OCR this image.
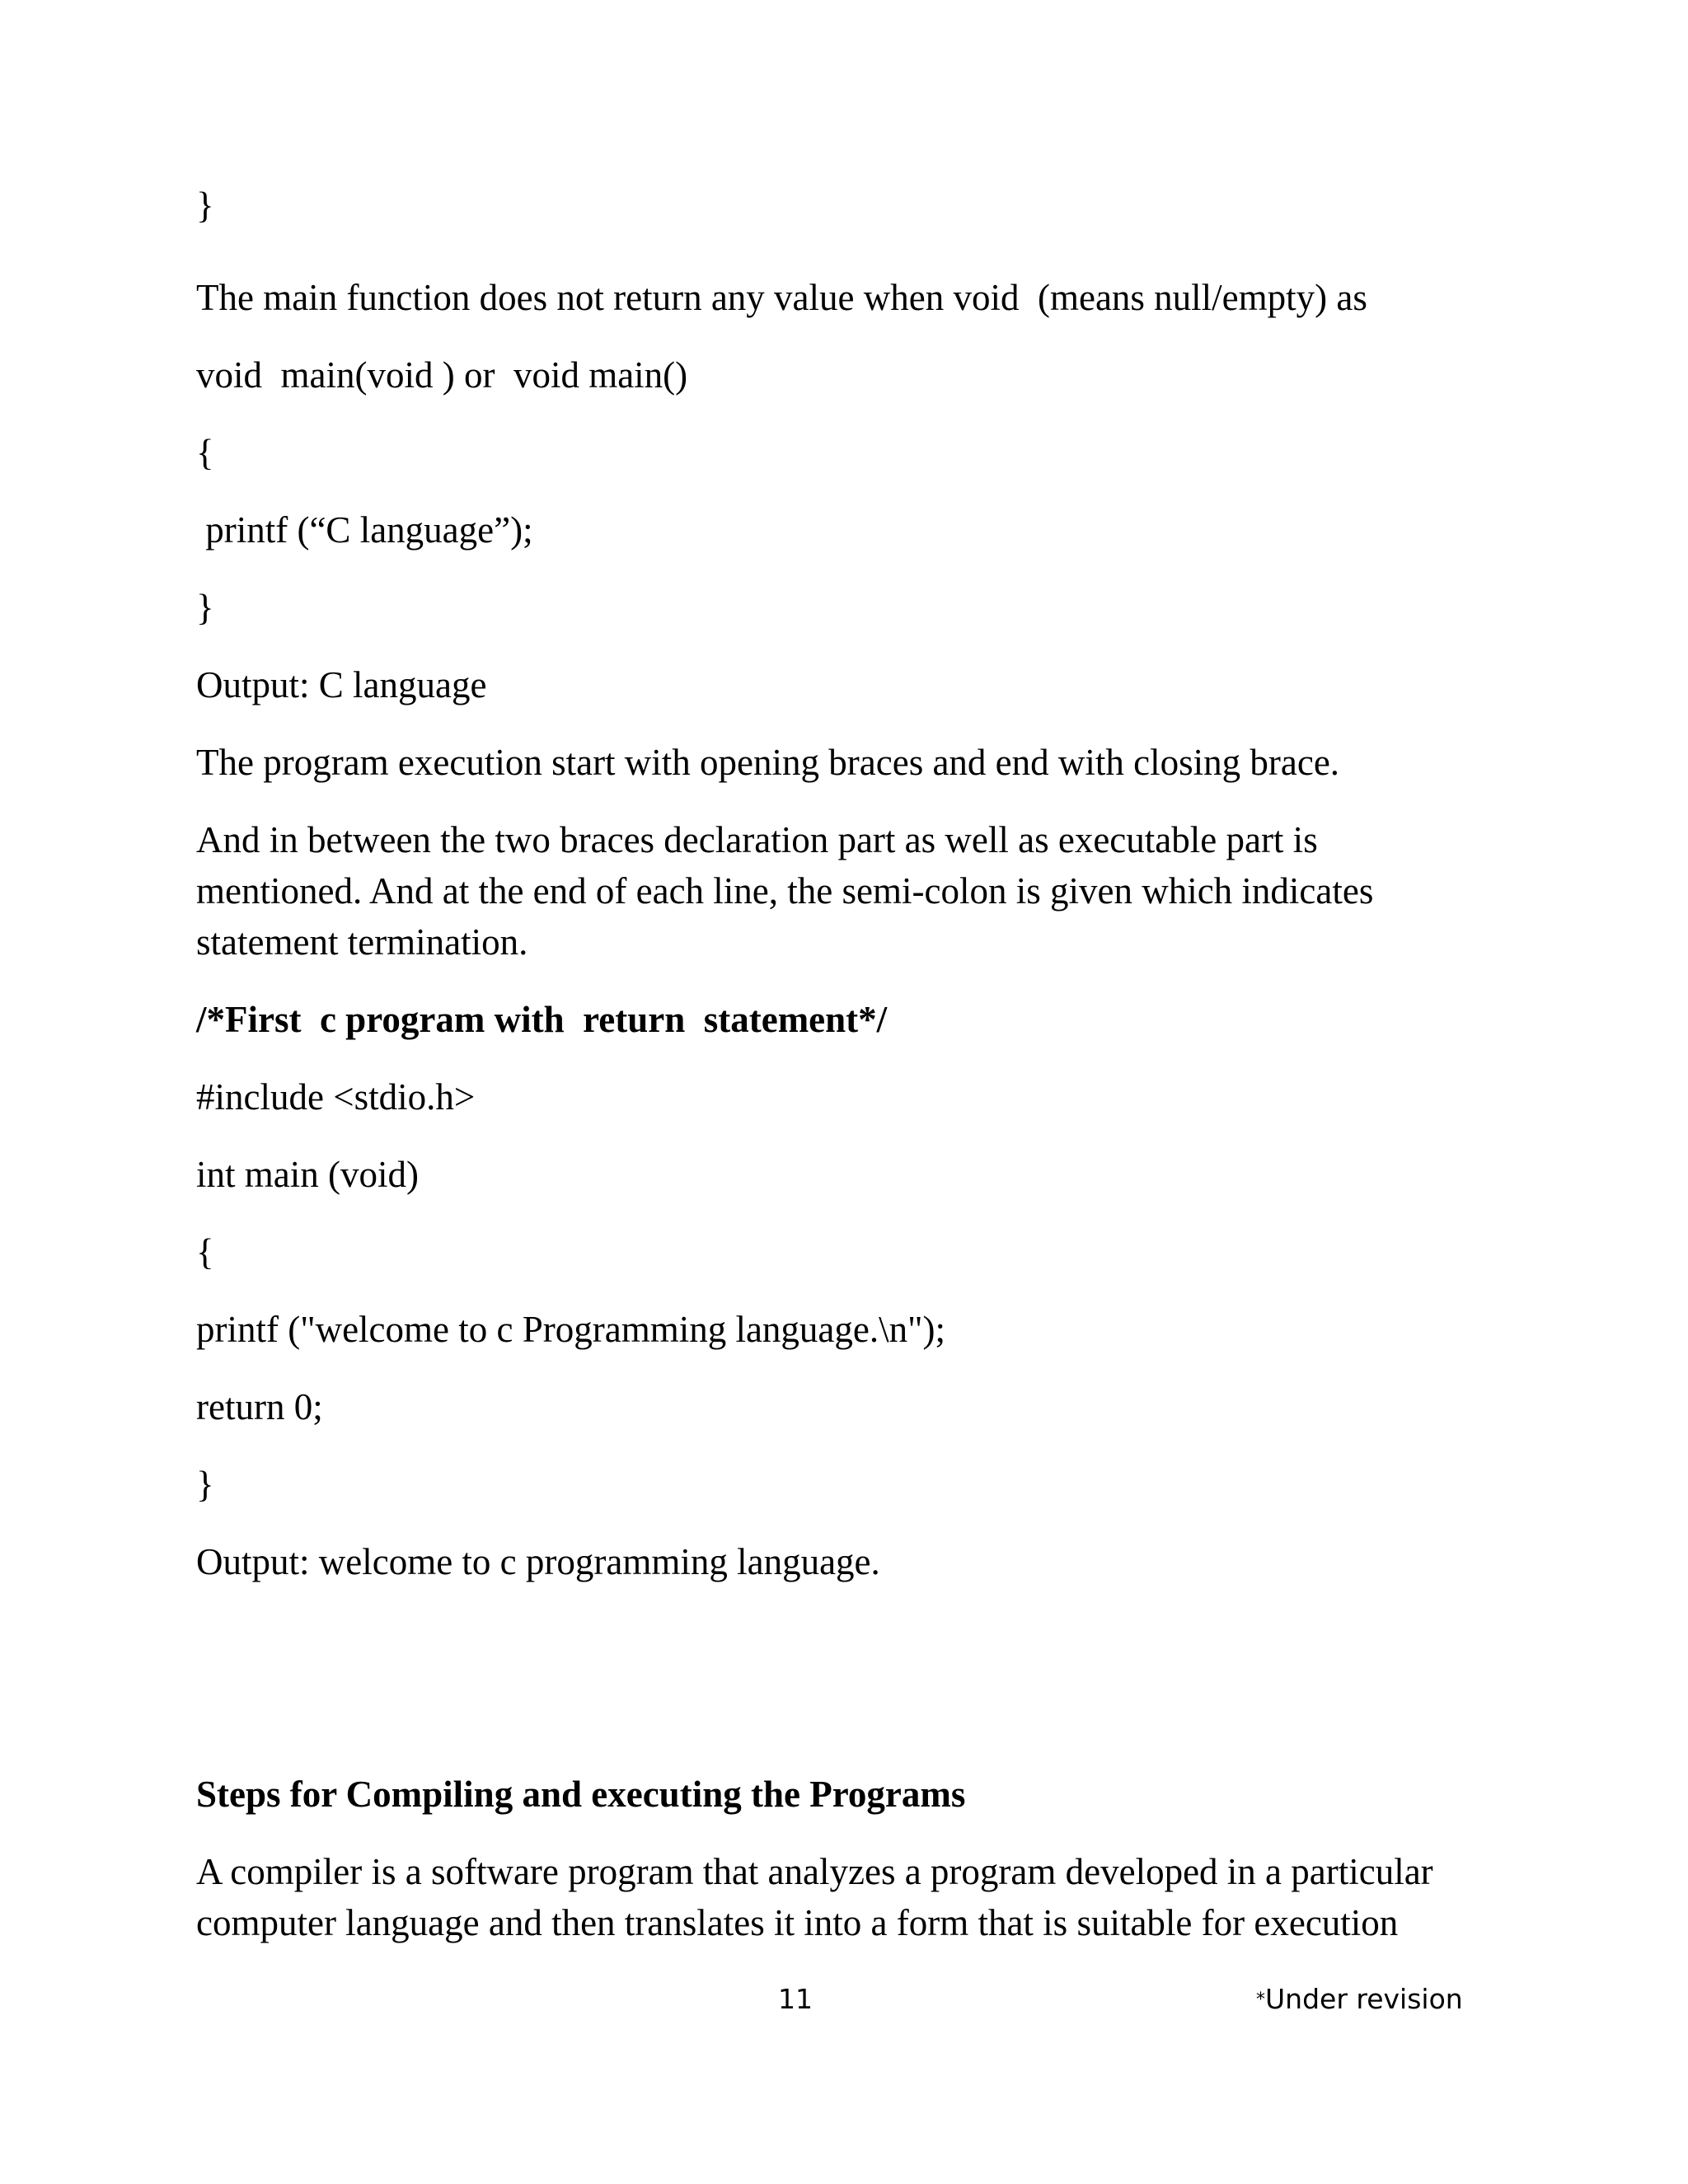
}

The main function does not return any value when void  (means null/empty) as

void  main(void ) or  void main()

{

printf (“C language”);

}

Output: C language

The program execution start with opening braces and end with closing brace.

And in between the two braces declaration part as well as executable part is
mentioned. And at the end of each line, the semi-colon is given which indicates
statement termination.

/*First  c program with  return  statement*/

#include <stdio.h>

int main (void)

{

printf ("welcome to c Programming language.\n");

return 0;

}

Output: welcome to c programming language.

Steps for Compiling and executing the Programs

A compiler is a software program that analyzes a program developed in a particular
computer language and then translates it into a form that is suitable for execution
11	*Under revision
